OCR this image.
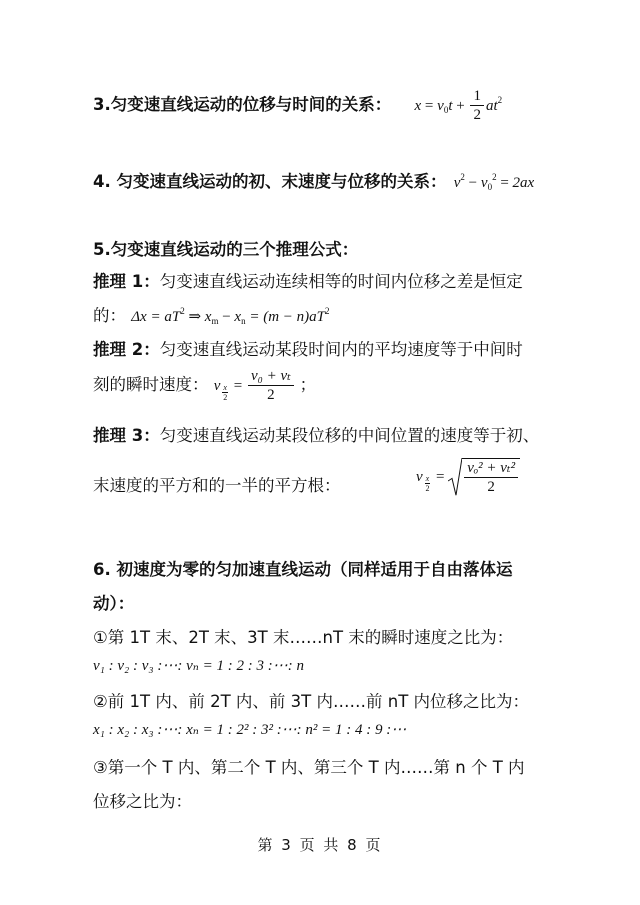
3.匀变速直线运动的位移与时间的关系： $x = v_0t + \frac{1}{2} at^2$
4. 匀变速直线运动的初、末速度与位移的关系： $v^2 - v_0^2 = 2ax$
5.匀变速直线运动的三个推理公式：
推理 1：匀变速直线运动连续相等的时间内位移之差是恒定
的： $\Delta x = aT^2$ ⇒ $x_m - x_n = (m - n)aT^2$
推理 2：匀变速直线运动某段时间内的平均速度等于中间时
刻的瞬时速度： v $\frac{x}{2} = \frac{\text{v₀ + vₜ}}{2}$ ；
推理 3：匀变速直线运动某段位移的中间位置的速度等于初、
末速度的平方和的一半的平方根：	v $\frac{x}{2} = \frac{\text{vₒ² + vₜ²}}{2}$
6. 初速度为零的匀加速直线运动（同样适用于自由落体运
动）：
①第 1T 末、2T 末、3T 末……nT 末的瞬时速度之比为：
v₁ : v₂ : v₃ :⋯: vₙ = 1 : 2 : 3 :⋯: n
②前 1T 内、前 2T 内、前 3T 内……前 nT 内位移之比为：
x₁ : x₂ : x₃ :⋯: xₙ = 1 : 2² : 3² :⋯: n² = 1 : 4 : 9 :⋯
③第一个 T 内、第二个 T 内、第三个 T 内……第 n 个 T 内
位移之比为：
第 3 页 共 8 页
